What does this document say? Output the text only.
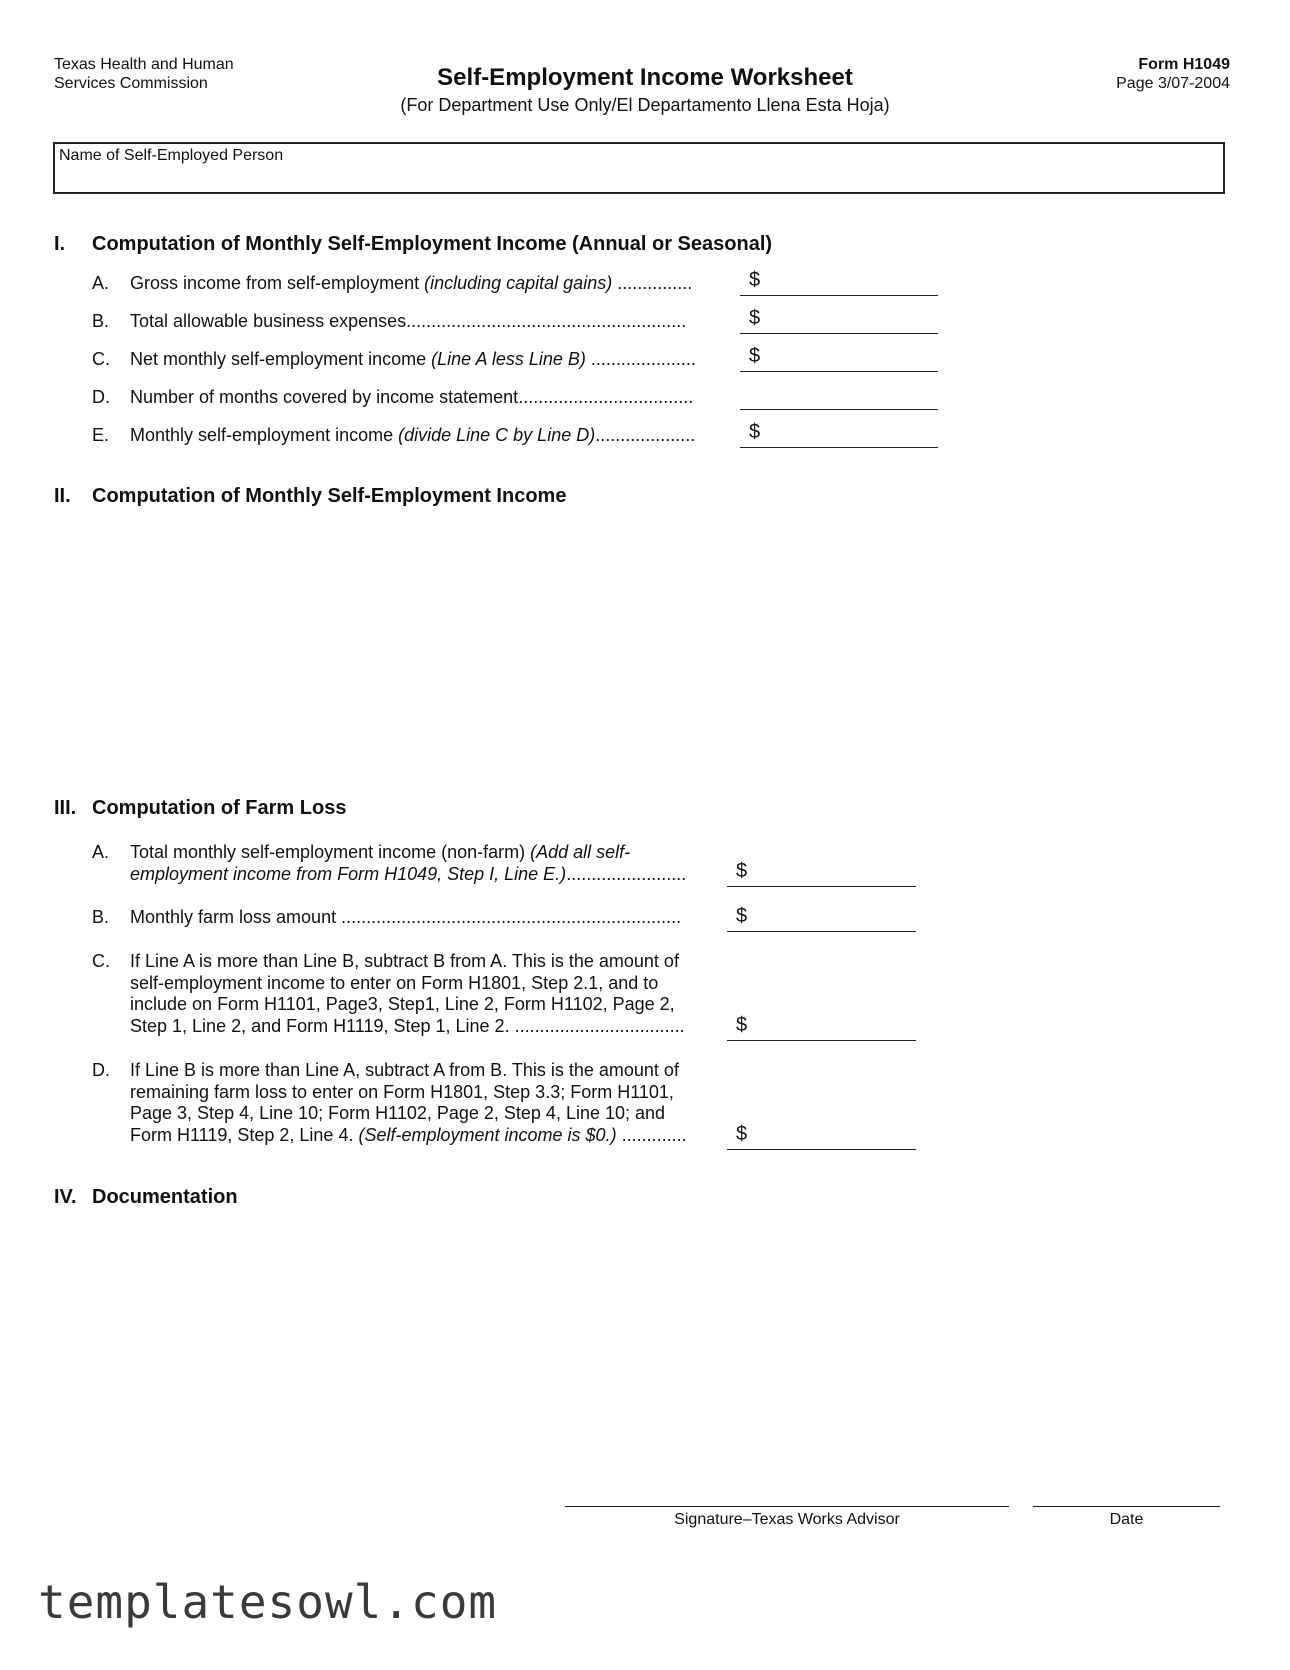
Texas Health and Human
Services Commission	Self-Employment Income Worksheet
(For Department Use Only/El Departamento Llena Esta Hoja)
Form H1049
Page 3/07-2004
Name of Self-Employed Person
I. Computation of Monthly Self-Employment Income (Annual or Seasonal)
A. Gross income from self-employment (including capital gains) ...............	$
B. Total allowable business expenses........................................................	$
C. Net monthly self-employment income (Line A less Line B) .....................	$
D. Number of months covered by income statement...................................
E. Monthly self-employment income (divide Line C by Line D)....................	$
II. Computation of Monthly Self-Employment Income
III. Computation of Farm Loss
A. Total monthly self-employment income (non-farm) (Add all self-
employment income from Form H1049, Step I, Line E.)........................ $
B. Monthly farm loss amount ....................................................................	$
C. If Line A is more than Line B, subtract B from A. This is the amount of
self-employment income to enter on Form H1801, Step 2.1, and to
include on Form H1101, Page3, Step1, Line 2, Form H1102, Page 2,
Step 1, Line 2, and Form H1119, Step 1, Line 2. ..................................	$
D. If Line B is more than Line A, subtract A from B. This is the amount of
remaining farm loss to enter on Form H1801, Step 3.3; Form H1101,
Page 3, Step 4, Line 10; Form H1102, Page 2, Step 4, Line 10; and
Form H1119, Step 2, Line 4. (Self-employment income is $0.) ............. $
IV. Documentation
Signature–Texas Works Advisor	Date
templatesowl.com
